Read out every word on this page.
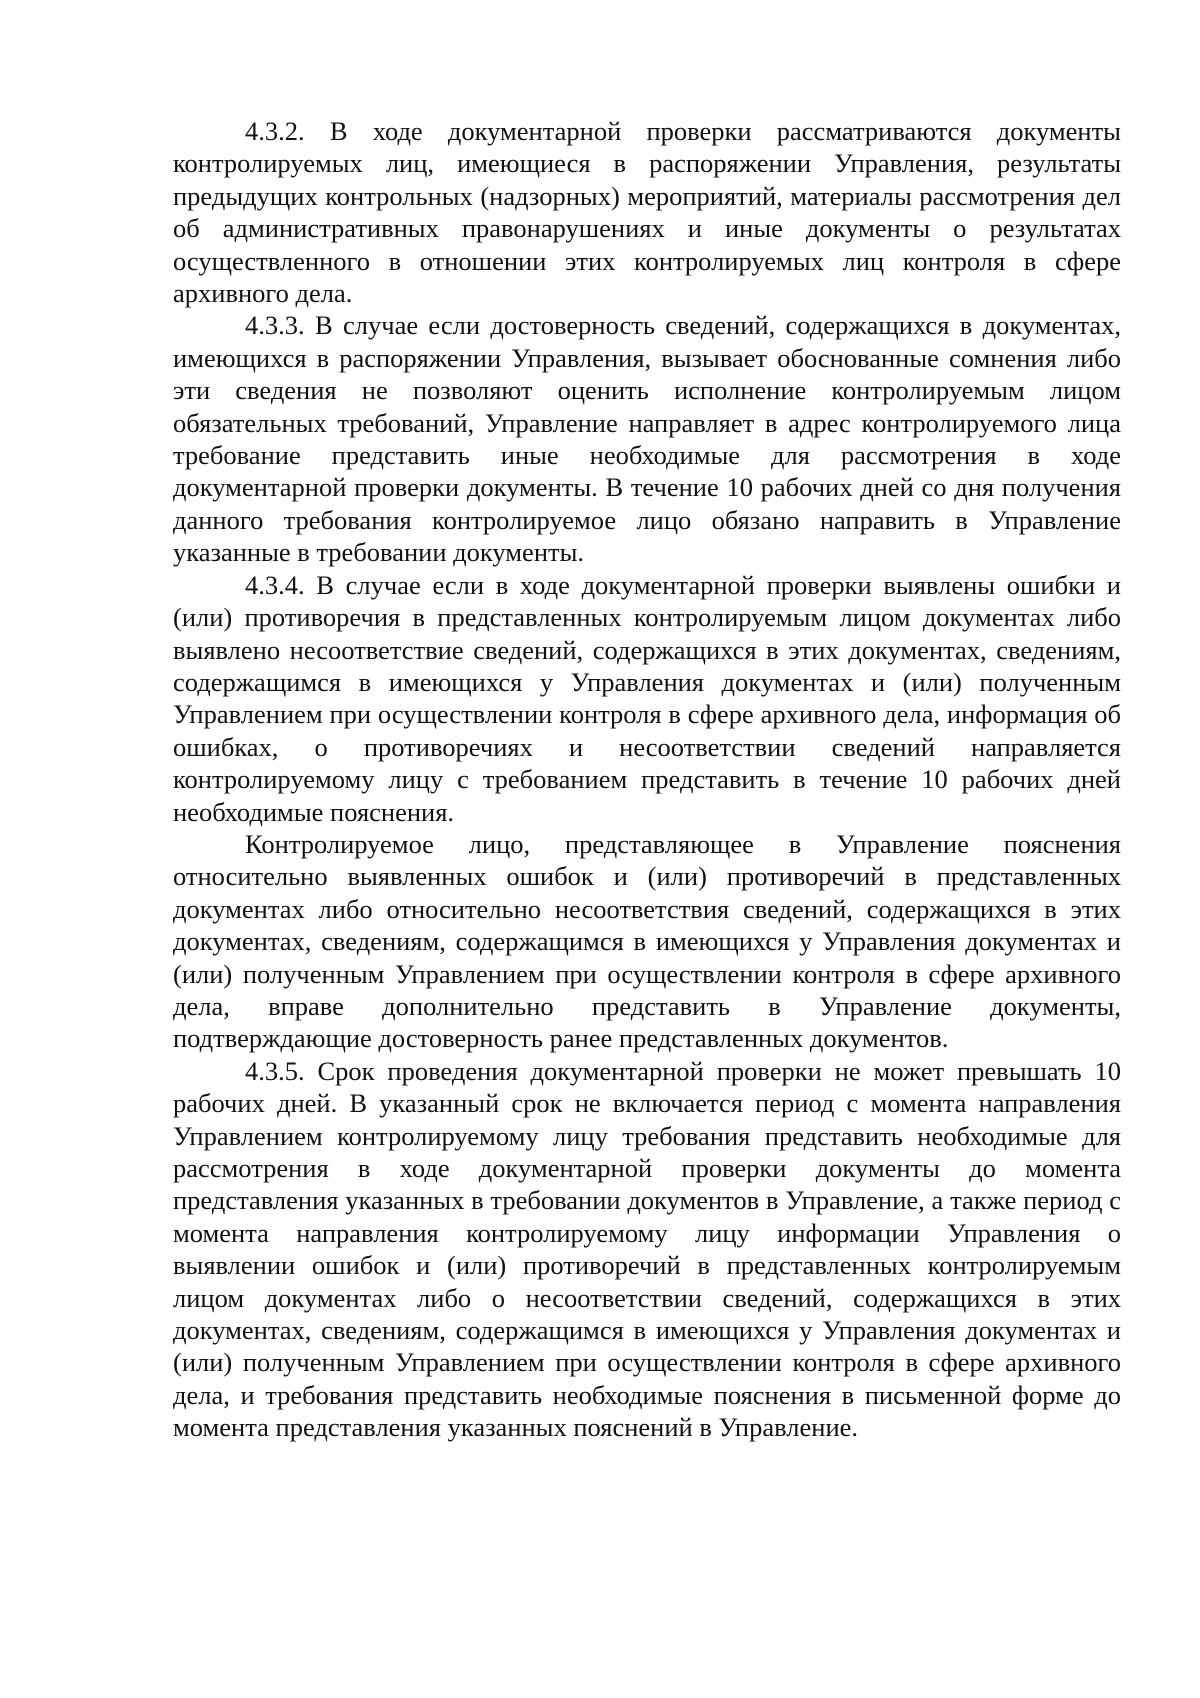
4.3.2. В ходе документарной проверки рассматриваются документы контролируемых лиц, имеющиеся в распоряжении Управления, результаты предыдущих контрольных (надзорных) мероприятий, материалы рассмотрения дел об административных правонарушениях и иные документы о результатах осуществленного в отношении этих контролируемых лиц контроля в сфере архивного дела.

4.3.3. В случае если достоверность сведений, содержащихся в документах, имеющихся в распоряжении Управления, вызывает обоснованные сомнения либо эти сведения не позволяют оценить исполнение контролируемым лицом обязательных требований, Управление направляет в адрес контролируемого лица требование представить иные необходимые для рассмотрения в ходе документарной проверки документы. В течение 10 рабочих дней со дня получения данного требования контролируемое лицо обязано направить в Управление указанные в требовании документы.

4.3.4. В случае если в ходе документарной проверки выявлены ошибки и (или) противоречия в представленных контролируемым лицом документах либо выявлено несоответствие сведений, содержащихся в этих документах, сведениям, содержащимся в имеющихся у Управления документах и (или) полученным Управлением при осуществлении контроля в сфере архивного дела, информация об ошибках, о противоречиях и несоответствии сведений направляется контролируемому лицу с требованием представить в течение 10 рабочих дней необходимые пояснения.

Контролируемое лицо, представляющее в Управление пояснения относительно выявленных ошибок и (или) противоречий в представленных документах либо относительно несоответствия сведений, содержащихся в этих документах, сведениям, содержащимся в имеющихся у Управления документах и (или) полученным Управлением при осуществлении контроля в сфере архивного дела, вправе дополнительно представить в Управление документы, подтверждающие достоверность ранее представленных документов.

4.3.5. Срок проведения документарной проверки не может превышать 10 рабочих дней. В указанный срок не включается период с момента направления Управлением контролируемому лицу требования представить необходимые для рассмотрения в ходе документарной проверки документы до момента представления указанных в требовании документов в Управление, а также период с момента направления контролируемому лицу информации Управления о выявлении ошибок и (или) противоречий в представленных контролируемым лицом документах либо о несоответствии сведений, содержащихся в этих документах, сведениям, содержащимся в имеющихся у Управления документах и (или) полученным Управлением при осуществлении контроля в сфере архивного дела, и требования представить необходимые пояснения в письменной форме до момента представления указанных пояснений в Управление.
